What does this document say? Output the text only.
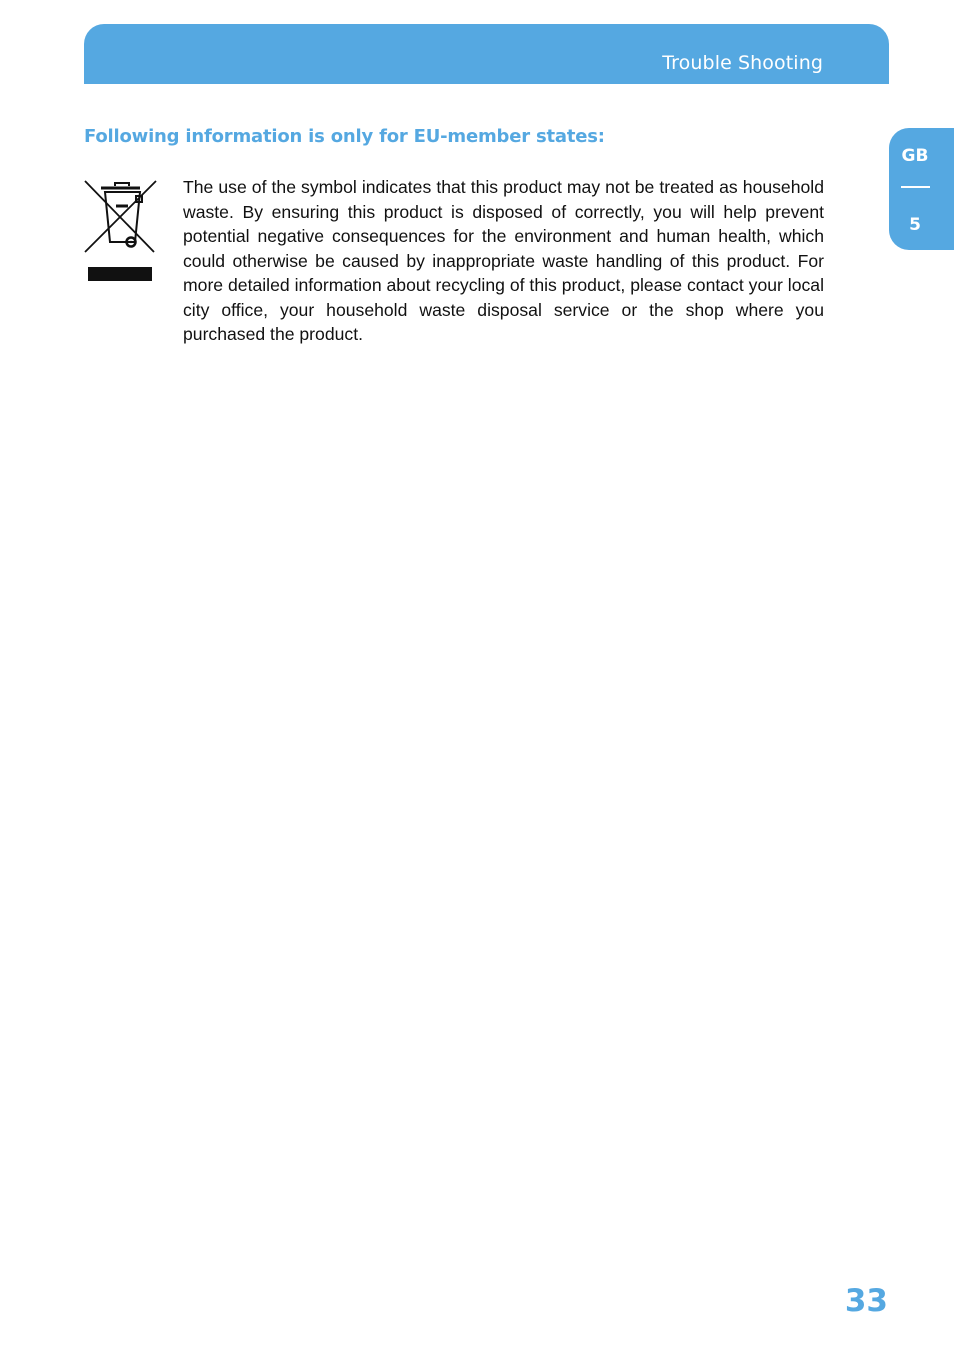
Trouble Shooting
GB
5
Following information is only for EU-member states:

The use of the symbol indicates that this product may not be treated as household waste. By ensuring this product is disposed of correctly, you will help prevent potential negative consequences for the environment and human health, which could otherwise be caused by inappropriate waste handling of this product. For more detailed information about recycling of this product, please contact your local city office, your household waste disposal service or the shop where you purchased the product.

33
